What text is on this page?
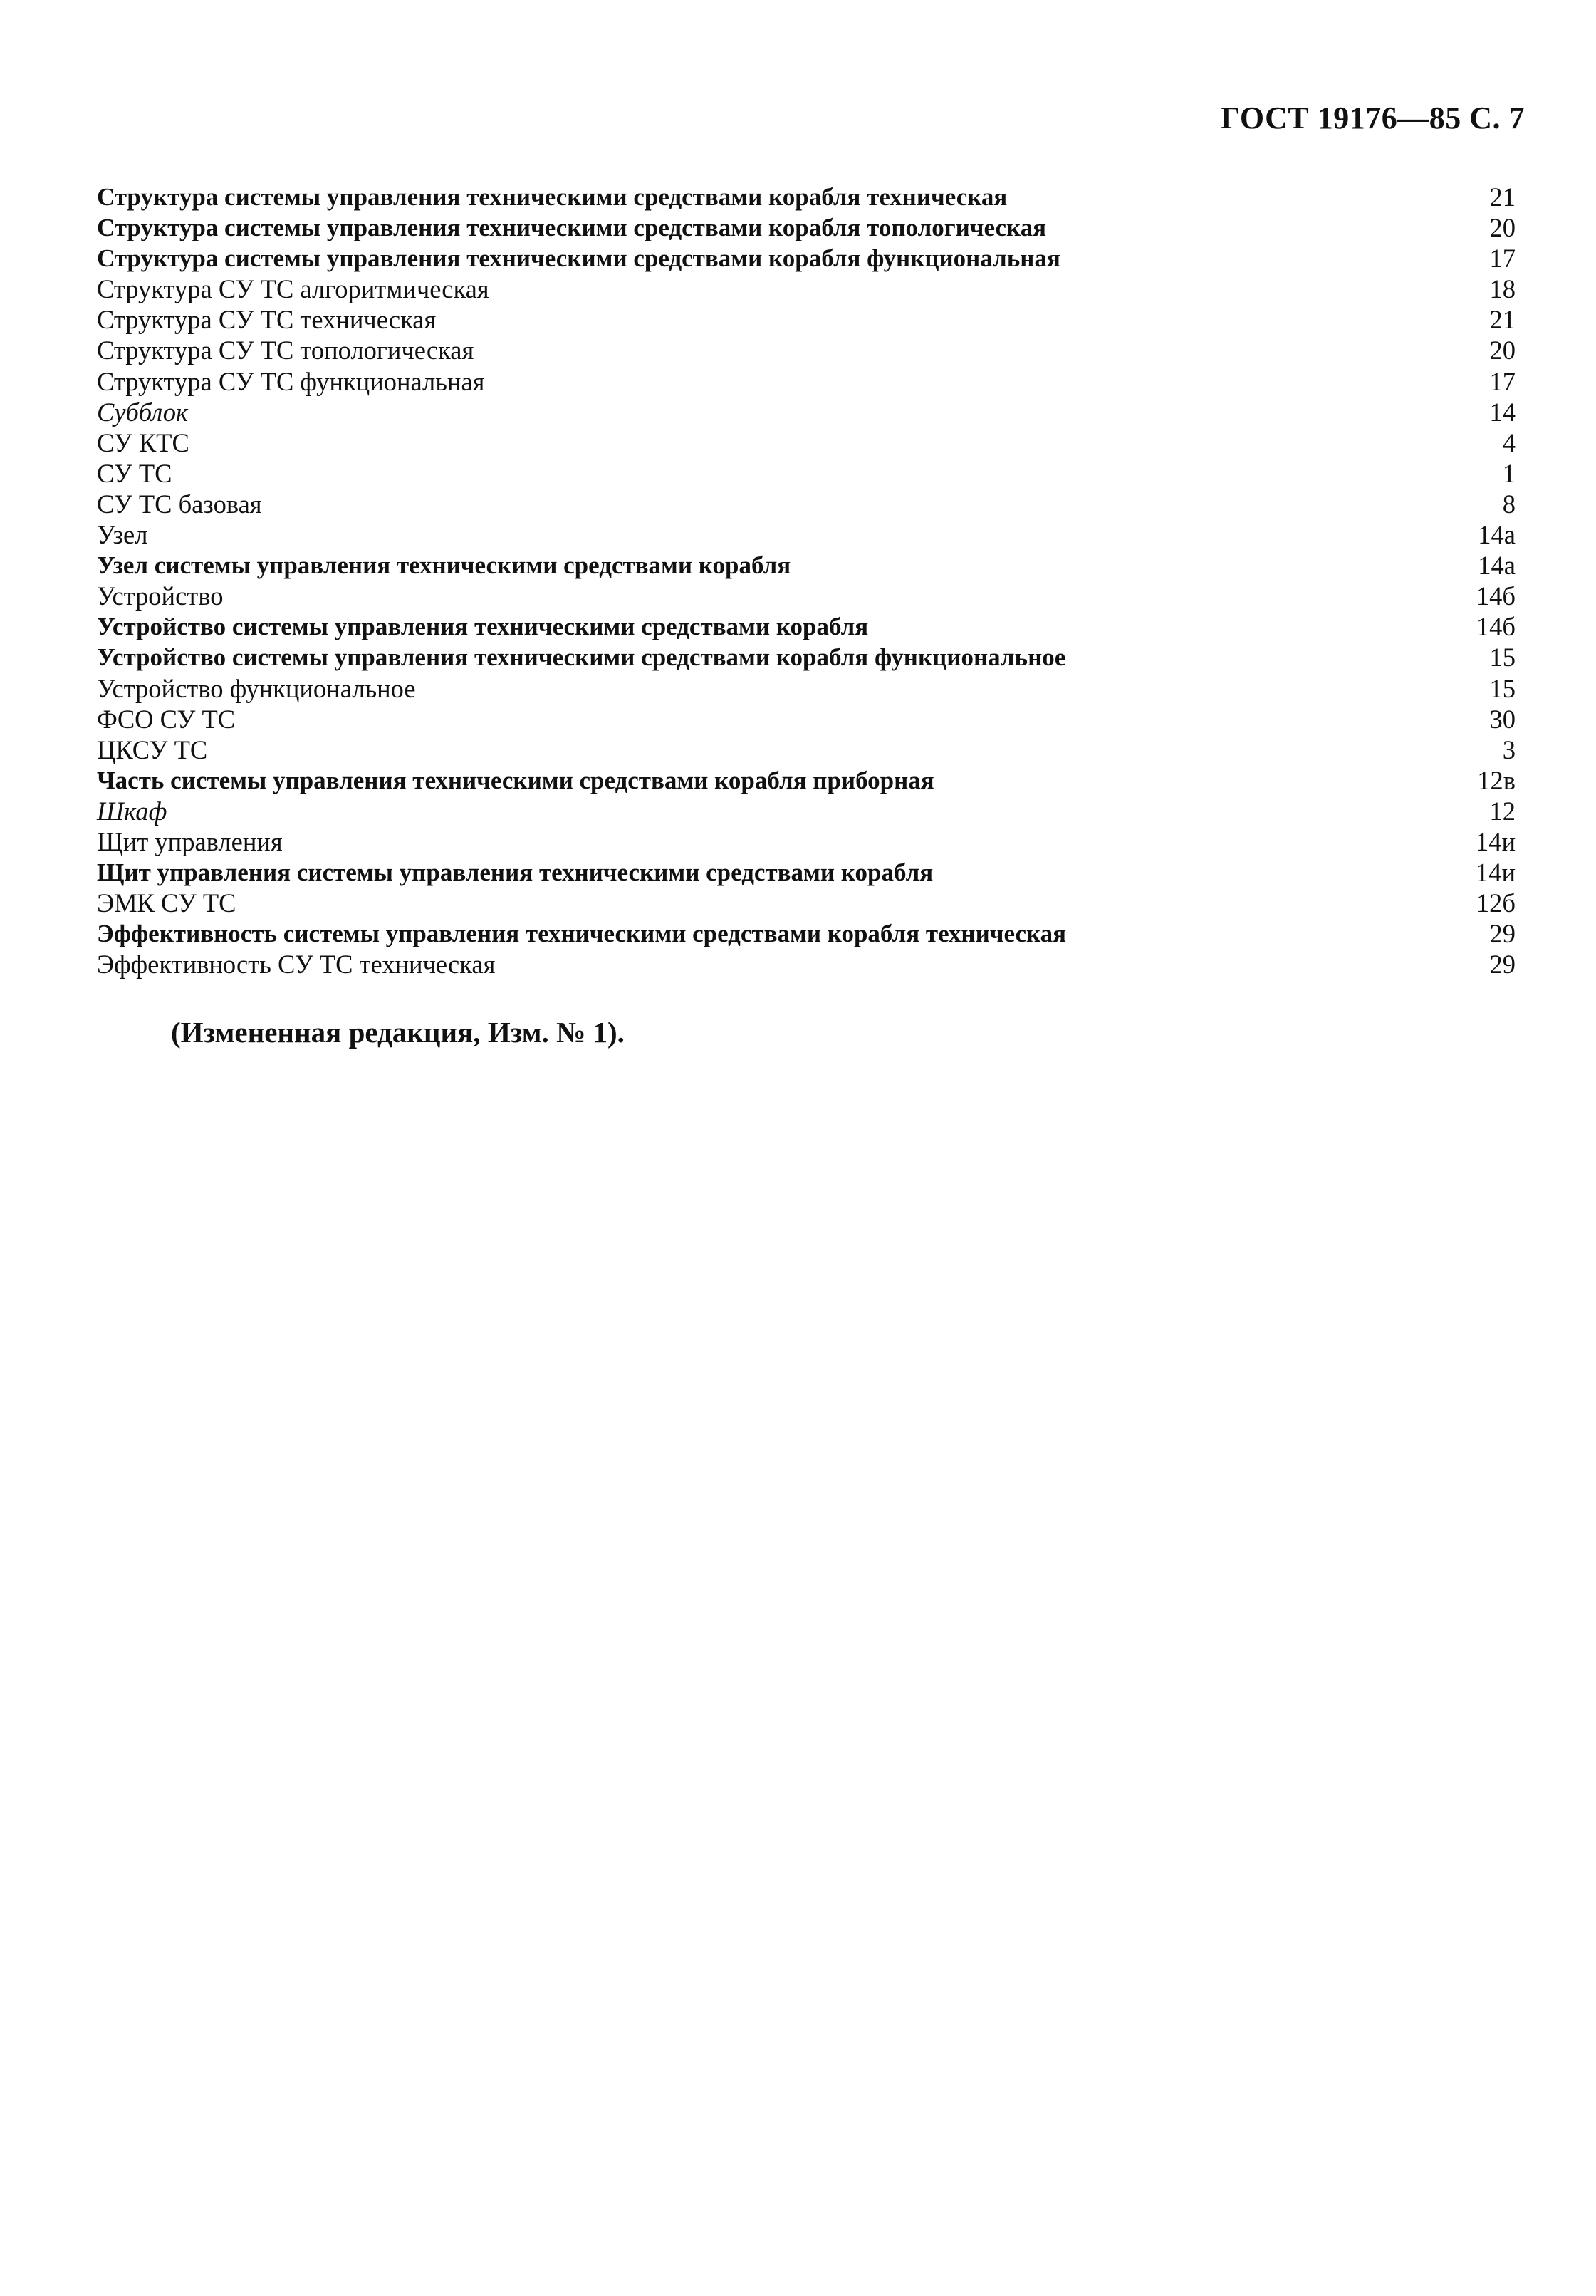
ГОСТ 19176—85 С. 7
Структура системы управления техническими средствами корабля техническая	21
Структура системы управления техническими средствами корабля топологическая	20
Структура системы управления техническими средствами корабля функциональная	17
Структура СУ ТС алгоритмическая	18
Структура СУ ТС техническая	21
Структура СУ ТС топологическая	20
Структура СУ ТС функциональная	17
Субблок	14
СУ КТС	4
СУ ТС	1
СУ ТС базовая	8
Узел	14а
Узел системы управления техническими средствами корабля	14а
Устройство	14б
Устройство системы управления техническими средствами корабля	14б
Устройство системы управления техническими средствами корабля функциональное	15
Устройство функциональное	15
ФСО СУ ТС	30
ЦКСУ ТС	3
Часть системы управления техническими средствами корабля приборная	12в
Шкаф	12
Щит управления	14и
Щит управления системы управления техническими средствами корабля	14и
ЭМК СУ ТС	12б
Эффективность системы управления техническими средствами корабля техническая	29
Эффективность СУ ТС техническая	29
(Измененная редакция, Изм. № 1).
